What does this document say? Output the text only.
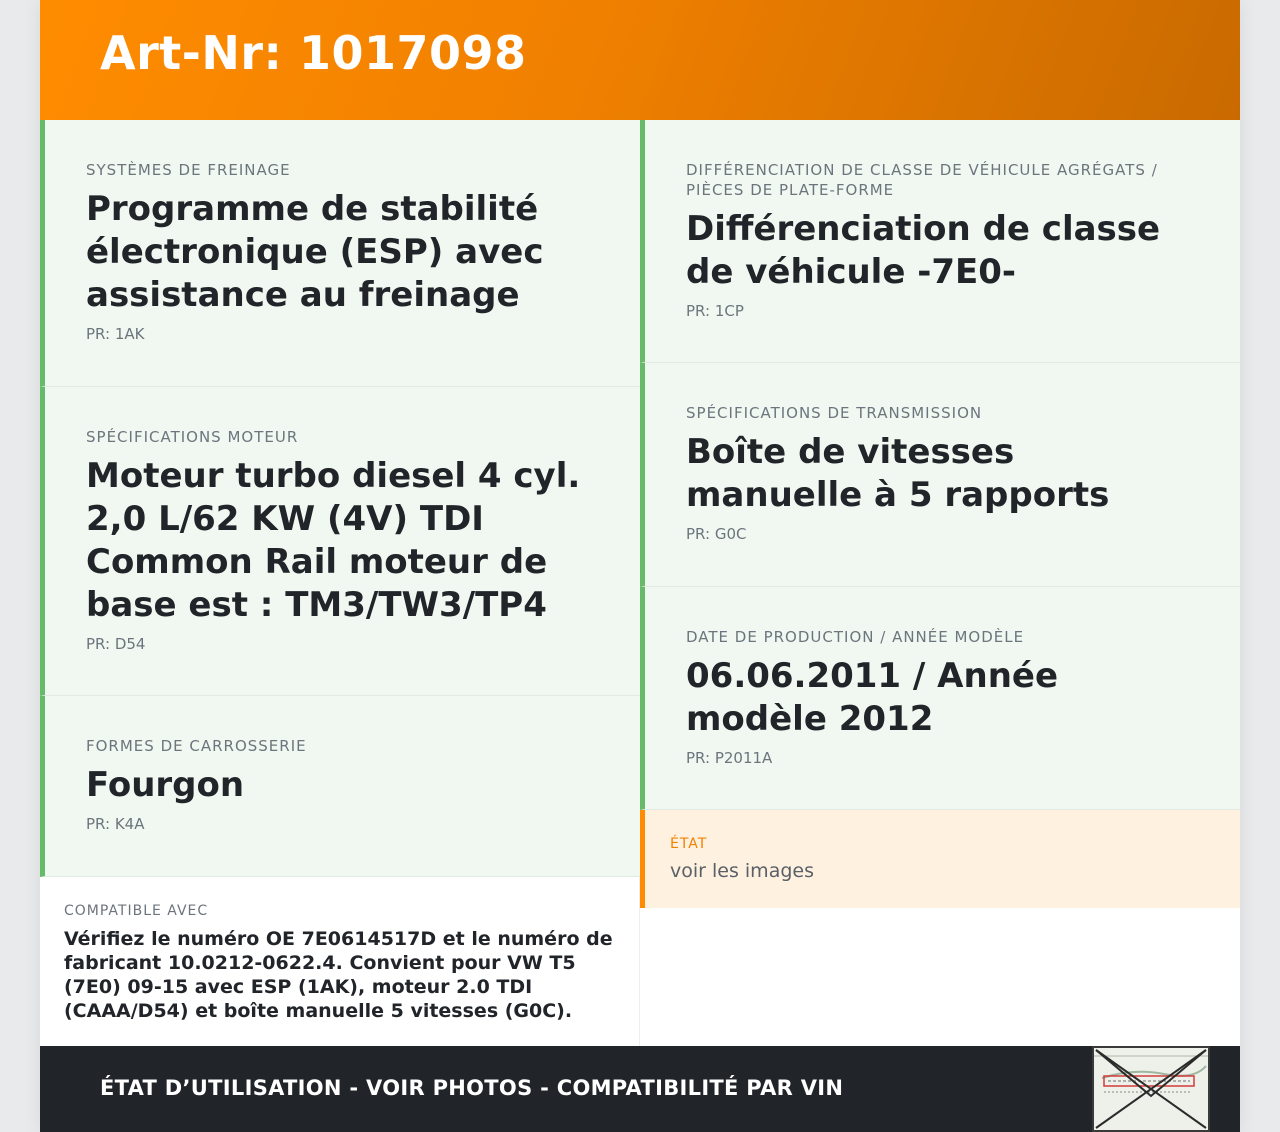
Art-Nr: 1017098
SYSTÈMES DE FREINAGE
Programme de stabilité électronique (ESP) avec assistance au freinage
PR: 1AK
SPÉCIFICATIONS MOTEUR
Moteur turbo diesel 4 cyl. 2,0 L/62 KW (4V) TDI Common Rail moteur de base est : TM3/TW3/TP4
PR: D54
FORMES DE CARROSSERIE
Fourgon
PR: K4A
DIFFÉRENCIATION DE CLASSE DE VÉHICULE AGRÉGATS / PIÈCES DE PLATE-FORME
Différenciation de classe de véhicule -7E0-
PR: 1CP
SPÉCIFICATIONS DE TRANSMISSION
Boîte de vitesses manuelle à 5 rapports
PR: G0C
DATE DE PRODUCTION / ANNÉE MODÈLE
06.06.2011 / Année modèle 2012
PR: P2011A
ÉTAT
voir les images
COMPATIBLE AVEC
Vérifiez le numéro OE 7E0614517D et le numéro de fabricant 10.0212-0622.4. Convient pour VW T5 (7E0) 09-15 avec ESP (1AK), moteur 2.0 TDI (CAAA/D54) et boîte manuelle 5 vitesses (G0C).
ÉTAT D’UTILISATION - VOIR PHOTOS - COMPATIBILITÉ PAR VIN
